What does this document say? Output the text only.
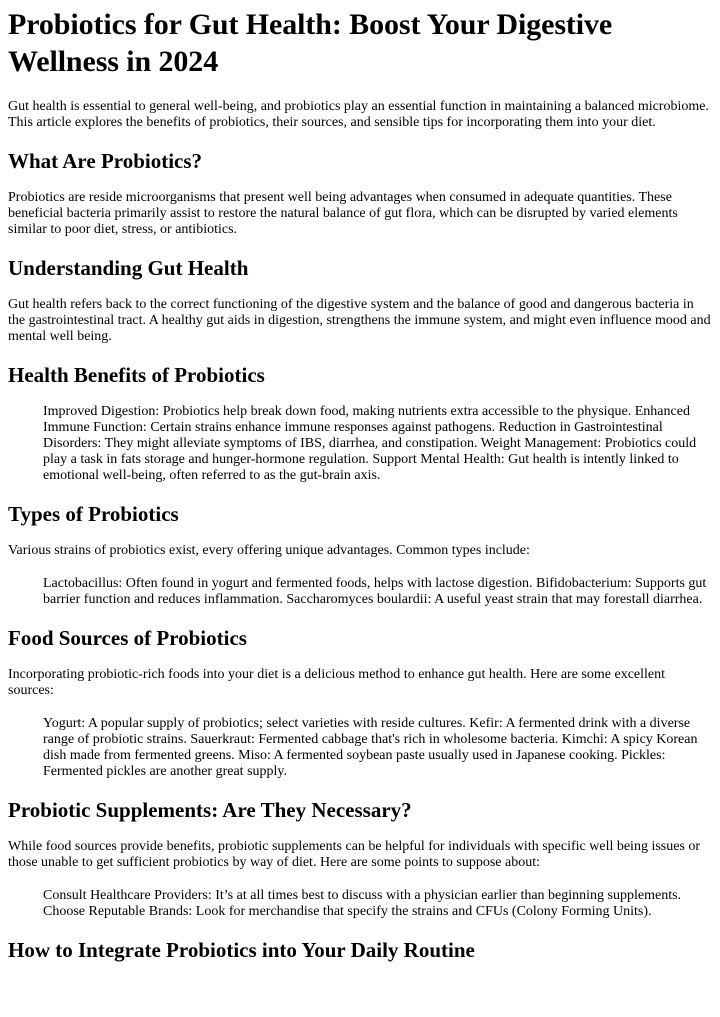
Probiotics for Gut Health: Boost Your Digestive Wellness in 2024

Gut health is essential to general well-being, and probiotics play an essential function in maintaining a balanced microbiome. This article explores the benefits of probiotics, their sources, and sensible tips for incorporating them into your diet.

What Are Probiotics?

Probiotics are reside microorganisms that present well being advantages when consumed in adequate quantities. These beneficial bacteria primarily assist to restore the natural balance of gut flora, which can be disrupted by varied elements similar to poor diet, stress, or antibiotics.

Understanding Gut Health

Gut health refers back to the correct functioning of the digestive system and the balance of good and dangerous bacteria in the gastrointestinal tract. A healthy gut aids in digestion, strengthens the immune system, and might even influence mood and mental well being.

Health Benefits of Probiotics
Improved Digestion: Probiotics help break down food, making nutrients extra accessible to the physique. Enhanced Immune Function: Certain strains enhance immune responses against pathogens. Reduction in Gastrointestinal Disorders: They might alleviate symptoms of IBS, diarrhea, and constipation. Weight Management: Probiotics could play a task in fats storage and hunger-hormone regulation. Support Mental Health: Gut health is intently linked to emotional well-being, often referred to as the gut-brain axis.
Types of Probiotics

Various strains of probiotics exist, every offering unique advantages. Common types include:

Lactobacillus: Often found in yogurt and fermented foods, helps with lactose digestion. Bifidobacterium: Supports gut barrier function and reduces inflammation. Saccharomyces boulardii: A useful yeast strain that may forestall diarrhea.
Food Sources of Probiotics

Incorporating probiotic-rich foods into your diet is a delicious method to enhance gut health. Here are some excellent sources:

Yogurt: A popular supply of probiotics; select varieties with reside cultures. Kefir: A fermented drink with a diverse range of probiotic strains. Sauerkraut: Fermented cabbage that's rich in wholesome bacteria. Kimchi: A spicy Korean dish made from fermented greens. Miso: A fermented soybean paste usually used in Japanese cooking. Pickles: Fermented pickles are another great supply.
Probiotic Supplements: Are They Necessary?

While food sources provide benefits, probiotic supplements can be helpful for individuals with specific well being issues or those unable to get sufficient probiotics by way of diet. Here are some points to suppose about:

Consult Healthcare Providers: It’s at all times best to discuss with a physician earlier than beginning supplements. Choose Reputable Brands: Look for merchandise that specify the strains and CFUs (Colony Forming Units).
How to Integrate Probiotics into Your Daily Routine
